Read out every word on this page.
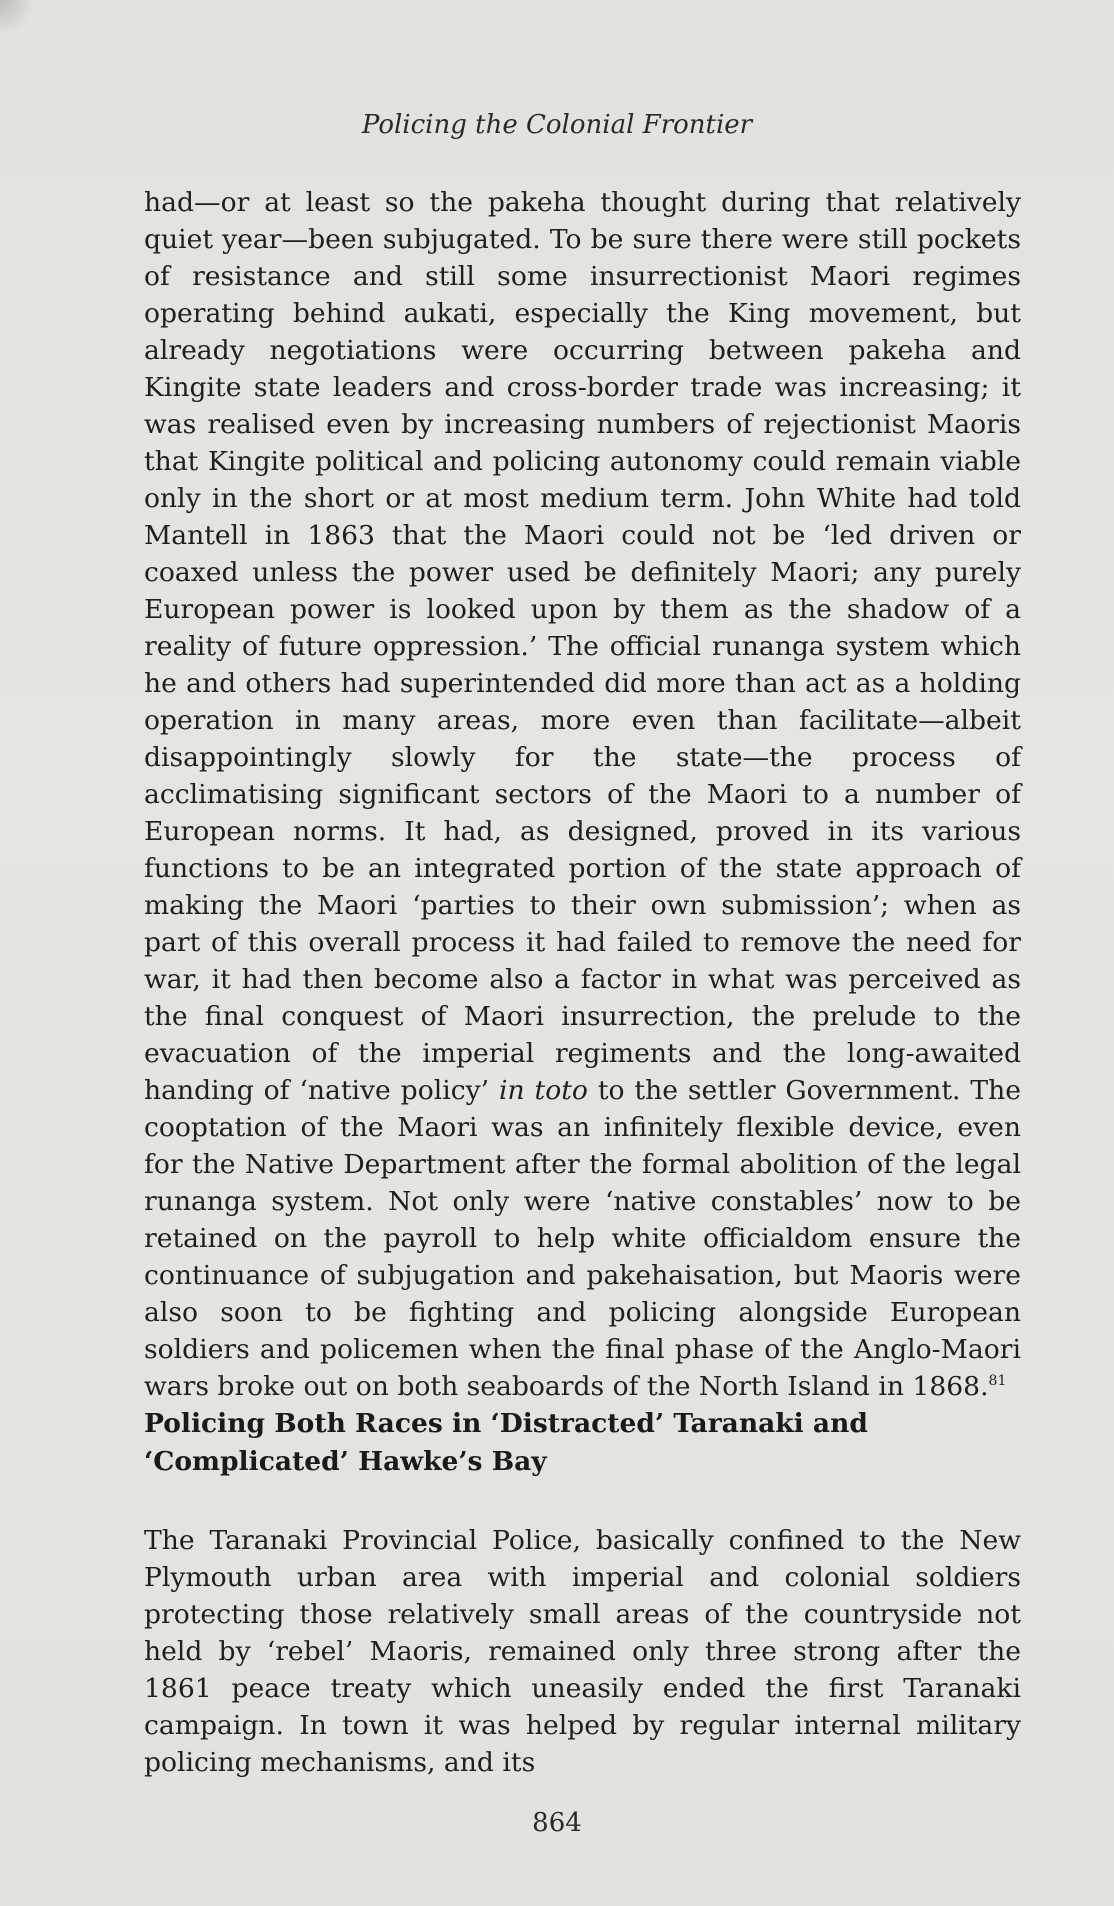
Policing the Colonial Frontier

had—or at least so the pakeha thought during that relatively quiet year—been subjugated. To be sure there were still pockets of resistance and still some insurrectionist Maori regimes operating behind aukati, especially the King movement, but already negotiations were occurring between pakeha and Kingite state leaders and cross-border trade was increasing; it was realised even by increasing numbers of rejectionist Maoris that Kingite political and policing autonomy could remain viable only in the short or at most medium term. John White had told Mantell in 1863 that the Maori could not be ‘led driven or coaxed unless the power used be definitely Maori; any purely European power is looked upon by them as the shadow of a reality of future oppression.’ The official runanga system which he and others had superintended did more than act as a holding operation in many areas, more even than facilitate—albeit disappointingly slowly for the state—the process of acclimatising significant sectors of the Maori to a number of European norms. It had, as designed, proved in its various functions to be an integrated portion of the state approach of making the Maori ‘parties to their own submission’; when as part of this overall process it had failed to remove the need for war, it had then become also a factor in what was perceived as the final conquest of Maori insurrection, the prelude to the evacuation of the imperial regiments and the long-awaited handing of ‘native policy’ in toto to the settler Government. The cooptation of the Maori was an infinitely flexible device, even for the Native Department after the formal abolition of the legal runanga system. Not only were ‘native constables’ now to be retained on the payroll to help white officialdom ensure the continuance of subjugation and pakehaisation, but Maoris were also soon to be fighting and policing alongside European soldiers and policemen when the final phase of the Anglo-Maori wars broke out on both seaboards of the North Island in 1868.81

Policing Both Races in ‘Distracted’ Taranaki and ‘Complicated’ Hawke’s Bay

The Taranaki Provincial Police, basically confined to the New Plymouth urban area with imperial and colonial soldiers protecting those relatively small areas of the countryside not held by ‘rebel’ Maoris, remained only three strong after the 1861 peace treaty which uneasily ended the first Taranaki campaign. In town it was helped by regular internal military policing mechanisms, and its

864
